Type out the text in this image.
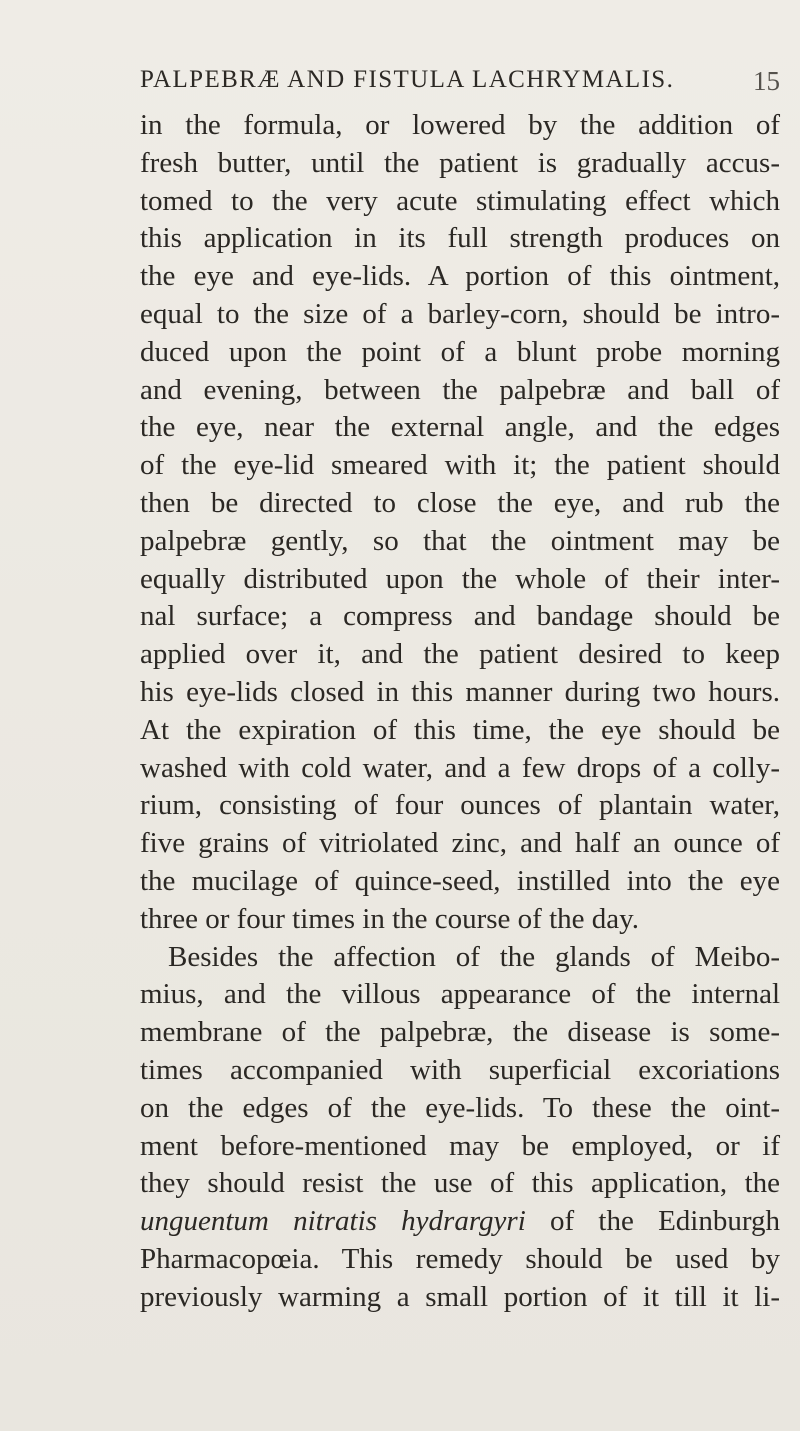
PALPEBRÆ AND FISTULA LACHRYMALIS.	15
in the formula, or lowered by the addition of
fresh butter, until the patient is gradually accus-
tomed to the very acute stimulating effect which
this application in its full strength produces on
the eye and eye-lids. A portion of this ointment,
equal to the size of a barley-corn, should be intro-
duced upon the point of a blunt probe morning
and evening, between the palpebræ and ball of
the eye, near the external angle, and the edges
of the eye-lid smeared with it; the patient should
then be directed to close the eye, and rub the
palpebræ gently, so that the ointment may be
equally distributed upon the whole of their inter-
nal surface; a compress and bandage should be
applied over it, and the patient desired to keep
his eye-lids closed in this manner during two hours.
At the expiration of this time, the eye should be
washed with cold water, and a few drops of a colly-
rium, consisting of four ounces of plantain water,
five grains of vitriolated zinc, and half an ounce of
the mucilage of quince-seed, instilled into the eye
three or four times in the course of the day.
Besides the affection of the glands of Meibo-
mius, and the villous appearance of the internal
membrane of the palpebræ, the disease is some-
times accompanied with superficial excoriations
on the edges of the eye-lids. To these the oint-
ment before-mentioned may be employed, or if
they should resist the use of this application, the
unguentum nitratis hydrargyri of the Edinburgh
Pharmacopœia. This remedy should be used by
previously warming a small portion of it till it li-
